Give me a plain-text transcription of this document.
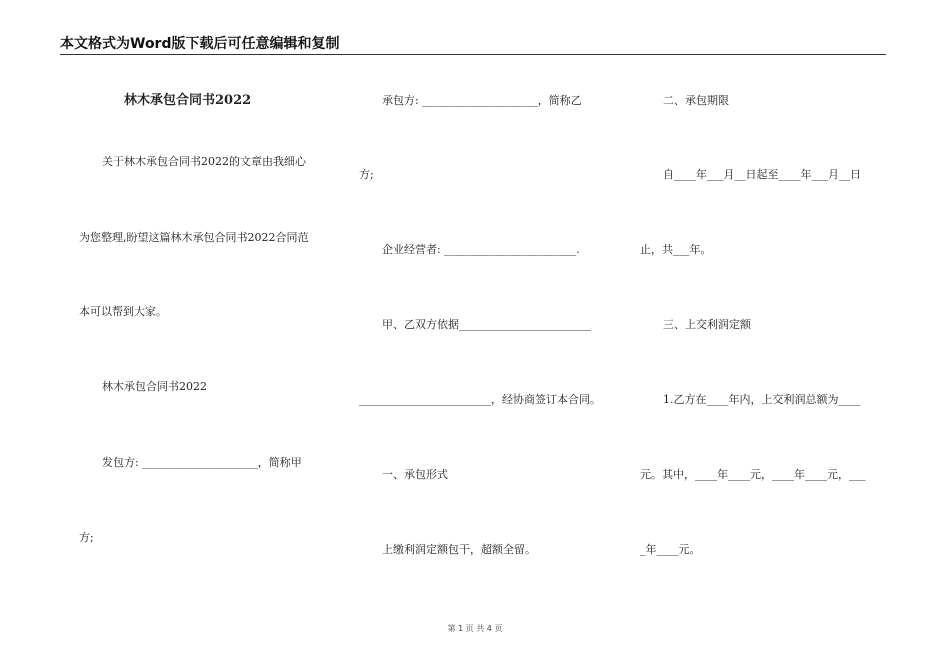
本文格式为Word版下载后可任意编辑和复制
林木承包合同书2022
关于林木承包合同书2022的文章由我细心
为您整理,盼望这篇林木承包合同书2022合同范
本可以帮到大家。
林木承包合同书2022
发包方: _____________________，简称甲
方;
承包方: _____________________，简称乙
方;
企业经营者: ________________________.
甲、乙双方依据________________________
________________________，经协商签订本合同。
一、承包形式
上缴利润定额包干，超额全留。
二、承包期限
自____年___月__日起至____年___月__日
止，共___年。
三、上交利润定额
1.乙方在____年内，上交利润总额为____
元。其中，____年____元，____年____元，___
_年____元。
第 1 页 共 4 页
